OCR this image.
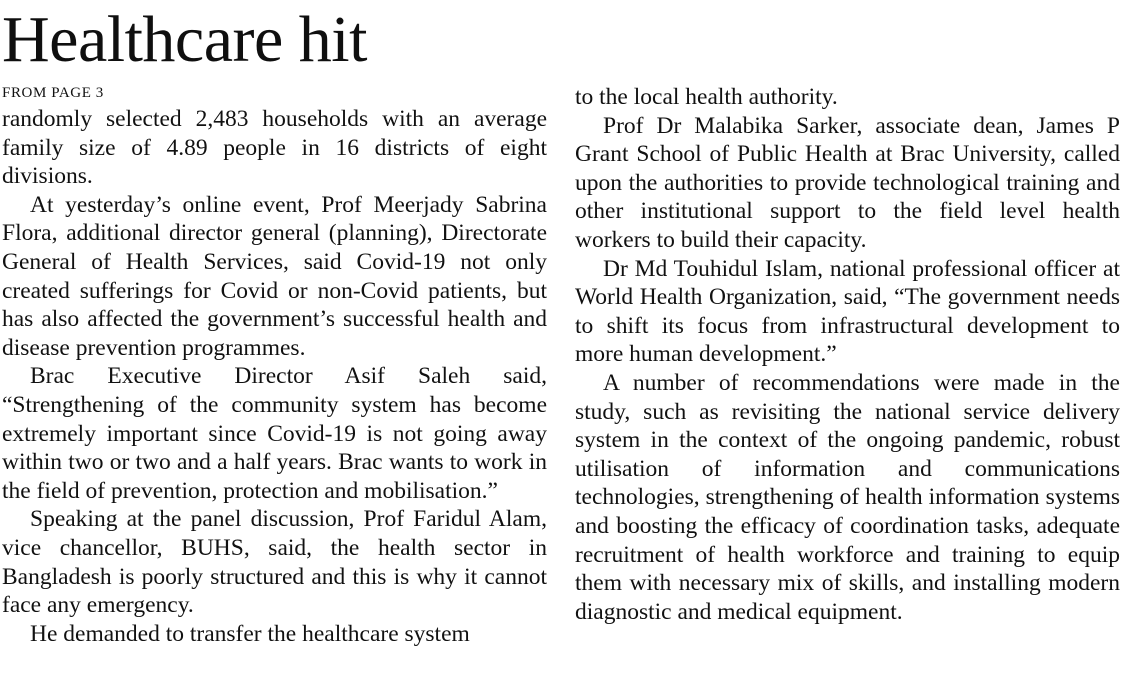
Healthcare hit
FROM PAGE 3

randomly selected 2,483 households with an average family size of 4.89 people in 16 districts of eight divisions.

At yesterday’s online event, Prof Meerjady Sabrina Flora, additional director general (planning), Directorate General of Health Services, said Covid-19 not only created sufferings for Covid or non-Covid patients, but has also affected the government’s successful health and disease prevention programmes.

Brac Executive Director Asif Saleh said, “Strengthening of the community system has become extremely important since Covid-19 is not going away within two or two and a half years. Brac wants to work in the field of prevention, protection and mobilisation.”

Speaking at the panel discussion, Prof Faridul Alam, vice chancellor, BUHS, said, the health sector in Bangladesh is poorly structured and this is why it cannot face any emergency.

He demanded to transfer the healthcare system

to the local health authority.

Prof Dr Malabika Sarker, associate dean, James P Grant School of Public Health at Brac University, called upon the authorities to provide technological training and other institutional support to the field level health workers to build their capacity.

Dr Md Touhidul Islam, national professional officer at World Health Organization, said, “The government needs to shift its focus from infrastructural development to more human development.”

A number of recommendations were made in the study, such as revisiting the national service delivery system in the context of the ongoing pandemic, robust utilisation of information and communications technologies, strengthening of health information systems and boosting the efficacy of coordination tasks, adequate recruitment of health workforce and training to equip them with necessary mix of skills, and installing modern diagnostic and medical equipment.
